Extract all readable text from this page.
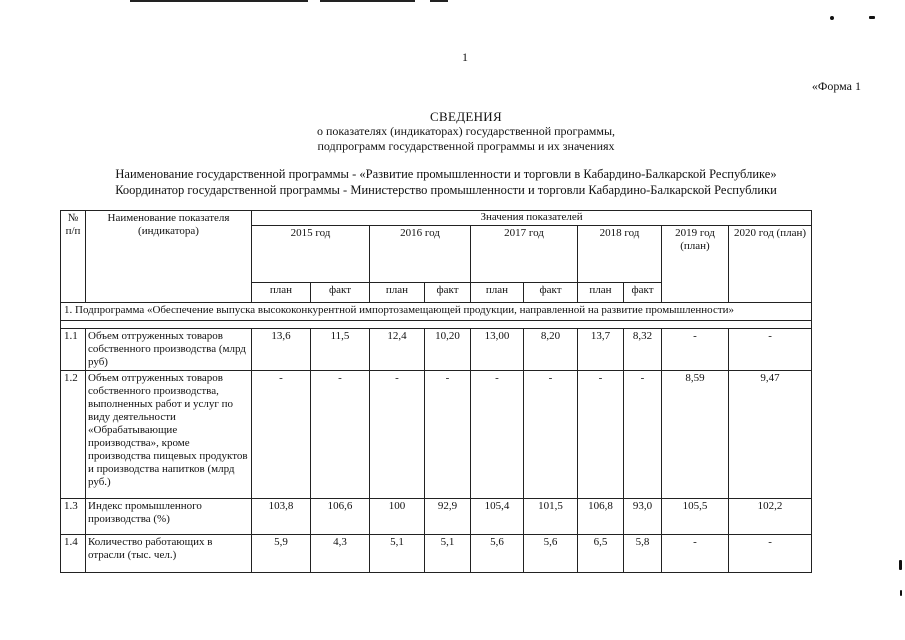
1
«Форма 1
СВЕДЕНИЯ
о показателях (индикаторах) государственной программы,
подпрограмм государственной программы и их значениях
Наименование государственной программы - «Развитие промышленности и торговли в Кабардино-Балкарской Республике»
Координатор государственной программы - Министерство промышленности и торговли Кабардино-Балкарской Республики
№ п/п	Наименование показателя (индикатора)	Значения показателей									
		2015 год		2016 год		2017 год		2018 год		2019 год (план)	2020 год (план)
		план	факт	план	факт	план	факт	план	факт		
1. Подпрограмма «Обеспечение выпуска высококонкурентной импортозамещающей продукции, направленной на развитие промышленности»											

1.1	Объем отгруженных товаров собственного производства (млрд руб)	13,6	11,5	12,4	10,20	13,00	8,20	13,7	8,32	-	-
1.2	Объем отгруженных товаров собственного производства, выполненных работ и услуг по виду деятельности «Обрабатывающие производства», кроме производства пищевых продуктов и производства напитков (млрд руб.)	-	-	-	-	-	-	-	-	8,59	9,47
1.3	Индекс промышленного производства (%)	103,8	106,6	100	92,9	105,4	101,5	106,8	93,0	105,5	102,2
1.4	Количество работающих в отрасли (тыс. чел.)	5,9	4,3	5,1	5,1	5,6	5,6	6,5	5,8	-	-
